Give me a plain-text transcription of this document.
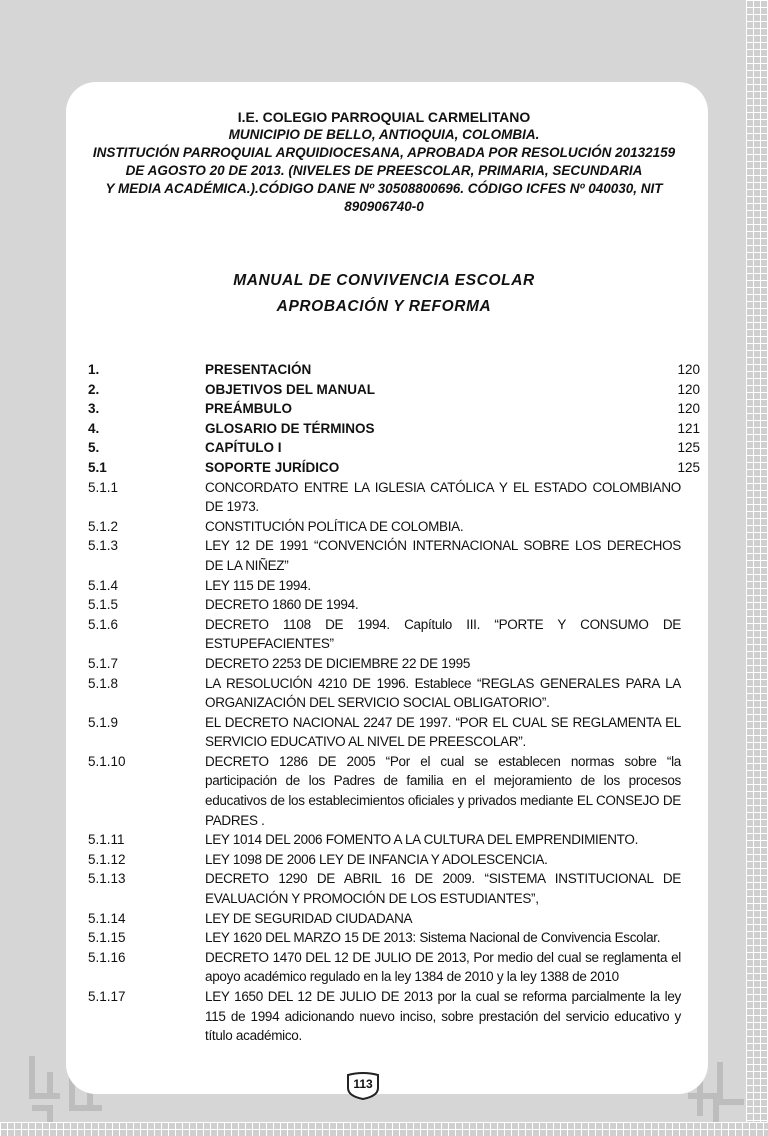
I.E. COLEGIO PARROQUIAL CARMELITANO
MUNICIPIO DE BELLO, ANTIOQUIA, COLOMBIA.
INSTITUCIÓN PARROQUIAL ARQUIDIOCESANA, APROBADA POR RESOLUCIÓN 20132159
DE AGOSTO 20 DE 2013. (NIVELES DE PREESCOLAR, PRIMARIA, SECUNDARIA
Y MEDIA ACADÉMICA.).CÓDIGO DANE Nº 30508800696. CÓDIGO ICFES Nº 040030, NIT
890906740-0
MANUAL DE CONVIVENCIA ESCOLAR
APROBACIÓN Y REFORMA
1.	PRESENTACIÓN	120
2.	OBJETIVOS DEL MANUAL	120
3.	PREÁMBULO	120
4.	GLOSARIO DE TÉRMINOS	121
5.	CAPÍTULO I	125
5.1	SOPORTE JURÍDICO	125
5.1.1	CONCORDATO ENTRE LA IGLESIA CATÓLICA Y EL ESTADO COLOMBIANO DE 1973.
5.1.2	CONSTITUCIÓN POLÍTICA DE COLOMBIA.
5.1.3	LEY 12 DE 1991 “CONVENCIÓN INTERNACIONAL SOBRE LOS DERECHOS DE LA NIÑEZ”
5.1.4	LEY 115 DE 1994.
5.1.5	DECRETO 1860 DE 1994.
5.1.6	DECRETO 1108 DE 1994. Capítulo III. “PORTE Y CONSUMO DE ESTUPEFACIENTES”
5.1.7	DECRETO 2253 DE DICIEMBRE 22 DE 1995
5.1.8	LA RESOLUCIÓN 4210 DE 1996. Establece “REGLAS GENERALES PARA LA ORGANIZACIÓN DEL SERVICIO SOCIAL OBLIGATORIO”.
5.1.9	EL DECRETO NACIONAL 2247 DE 1997. “POR EL CUAL SE REGLAMENTA EL SERVICIO EDUCATIVO AL NIVEL DE PREESCOLAR”.
5.1.10	DECRETO 1286 DE 2005 “Por el cual se establecen normas sobre “la participación de los Padres de familia en el mejoramiento de los procesos educativos de los establecimientos oficiales y privados mediante EL CONSEJO DE PADRES .
5.1.11	LEY 1014 DEL 2006 FOMENTO A LA CULTURA DEL EMPRENDIMIENTO.
5.1.12	LEY 1098 DE 2006 LEY DE INFANCIA Y ADOLESCENCIA.
5.1.13	DECRETO 1290 DE ABRIL 16 DE 2009. “SISTEMA INSTITUCIONAL DE EVALUACIÓN Y PROMOCIÓN DE LOS ESTUDIANTES”,
5.1.14	LEY DE SEGURIDAD CIUDADANA
5.1.15	LEY 1620 DEL MARZO 15 DE 2013: Sistema Nacional de Convivencia Escolar.
5.1.16	DECRETO 1470 DEL 12 DE JULIO DE 2013, Por medio del cual se reglamenta el apoyo académico regulado en la ley 1384 de 2010 y la ley 1388 de 2010
5.1.17	LEY 1650 DEL 12 DE JULIO DE 2013 por la cual se reforma parcialmente la ley 115 de 1994 adicionando nuevo inciso, sobre prestación del servicio educativo y título académico.
113
